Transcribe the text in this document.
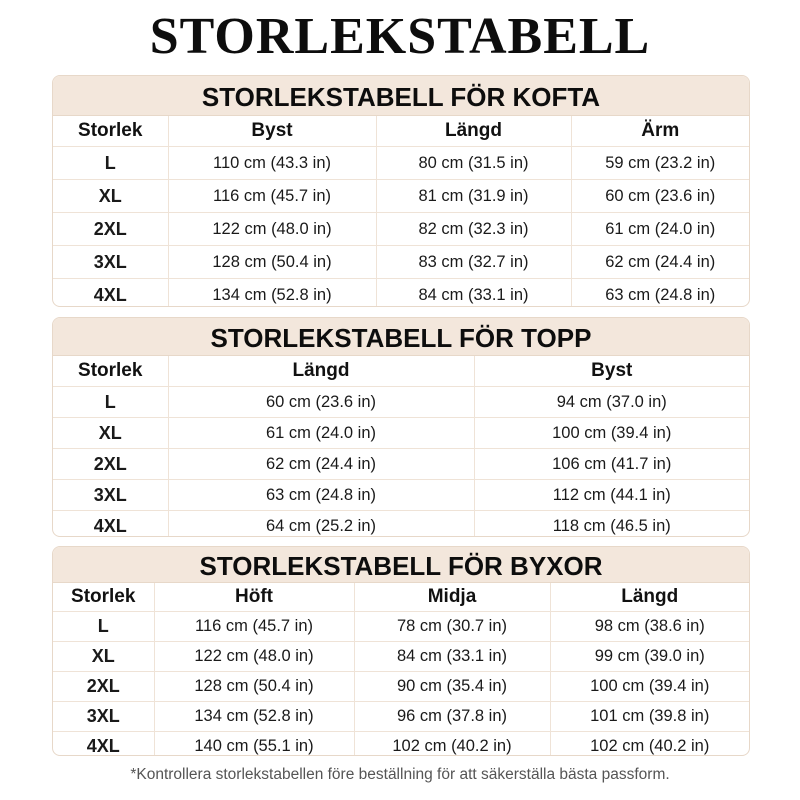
STORLEKSTABELL
STORLEKSTABELL FÖR KOFTA
Storlek	Byst	Längd	Ärm
L	110 cm (43.3 in)	80 cm (31.5 in)	59 cm (23.2 in)
XL	116 cm (45.7 in)	81 cm (31.9 in)	60 cm (23.6 in)
2XL	122 cm (48.0 in)	82 cm (32.3 in)	61 cm (24.0 in)
3XL	128 cm (50.4 in)	83 cm (32.7 in)	62 cm (24.4 in)
4XL	134 cm (52.8 in)	84 cm (33.1 in)	63 cm (24.8 in)
STORLEKSTABELL FÖR TOPP
Storlek	Längd	Byst
L	60 cm (23.6 in)	94 cm (37.0 in)
XL	61 cm (24.0 in)	100 cm (39.4 in)
2XL	62 cm (24.4 in)	106 cm (41.7 in)
3XL	63 cm (24.8 in)	112 cm (44.1 in)
4XL	64 cm (25.2 in)	118 cm (46.5 in)
STORLEKSTABELL FÖR BYXOR
Storlek	Höft	Midja	Längd
L	116 cm (45.7 in)	78 cm (30.7 in)	98 cm (38.6 in)
XL	122 cm (48.0 in)	84 cm (33.1 in)	99 cm (39.0 in)
2XL	128 cm (50.4 in)	90 cm (35.4 in)	100 cm (39.4 in)
3XL	134 cm (52.8 in)	96 cm (37.8 in)	101 cm (39.8 in)
4XL	140 cm (55.1 in)	102 cm (40.2 in)	102 cm (40.2 in)
*Kontrollera storlekstabellen före beställning för att säkerställa bästa passform.
